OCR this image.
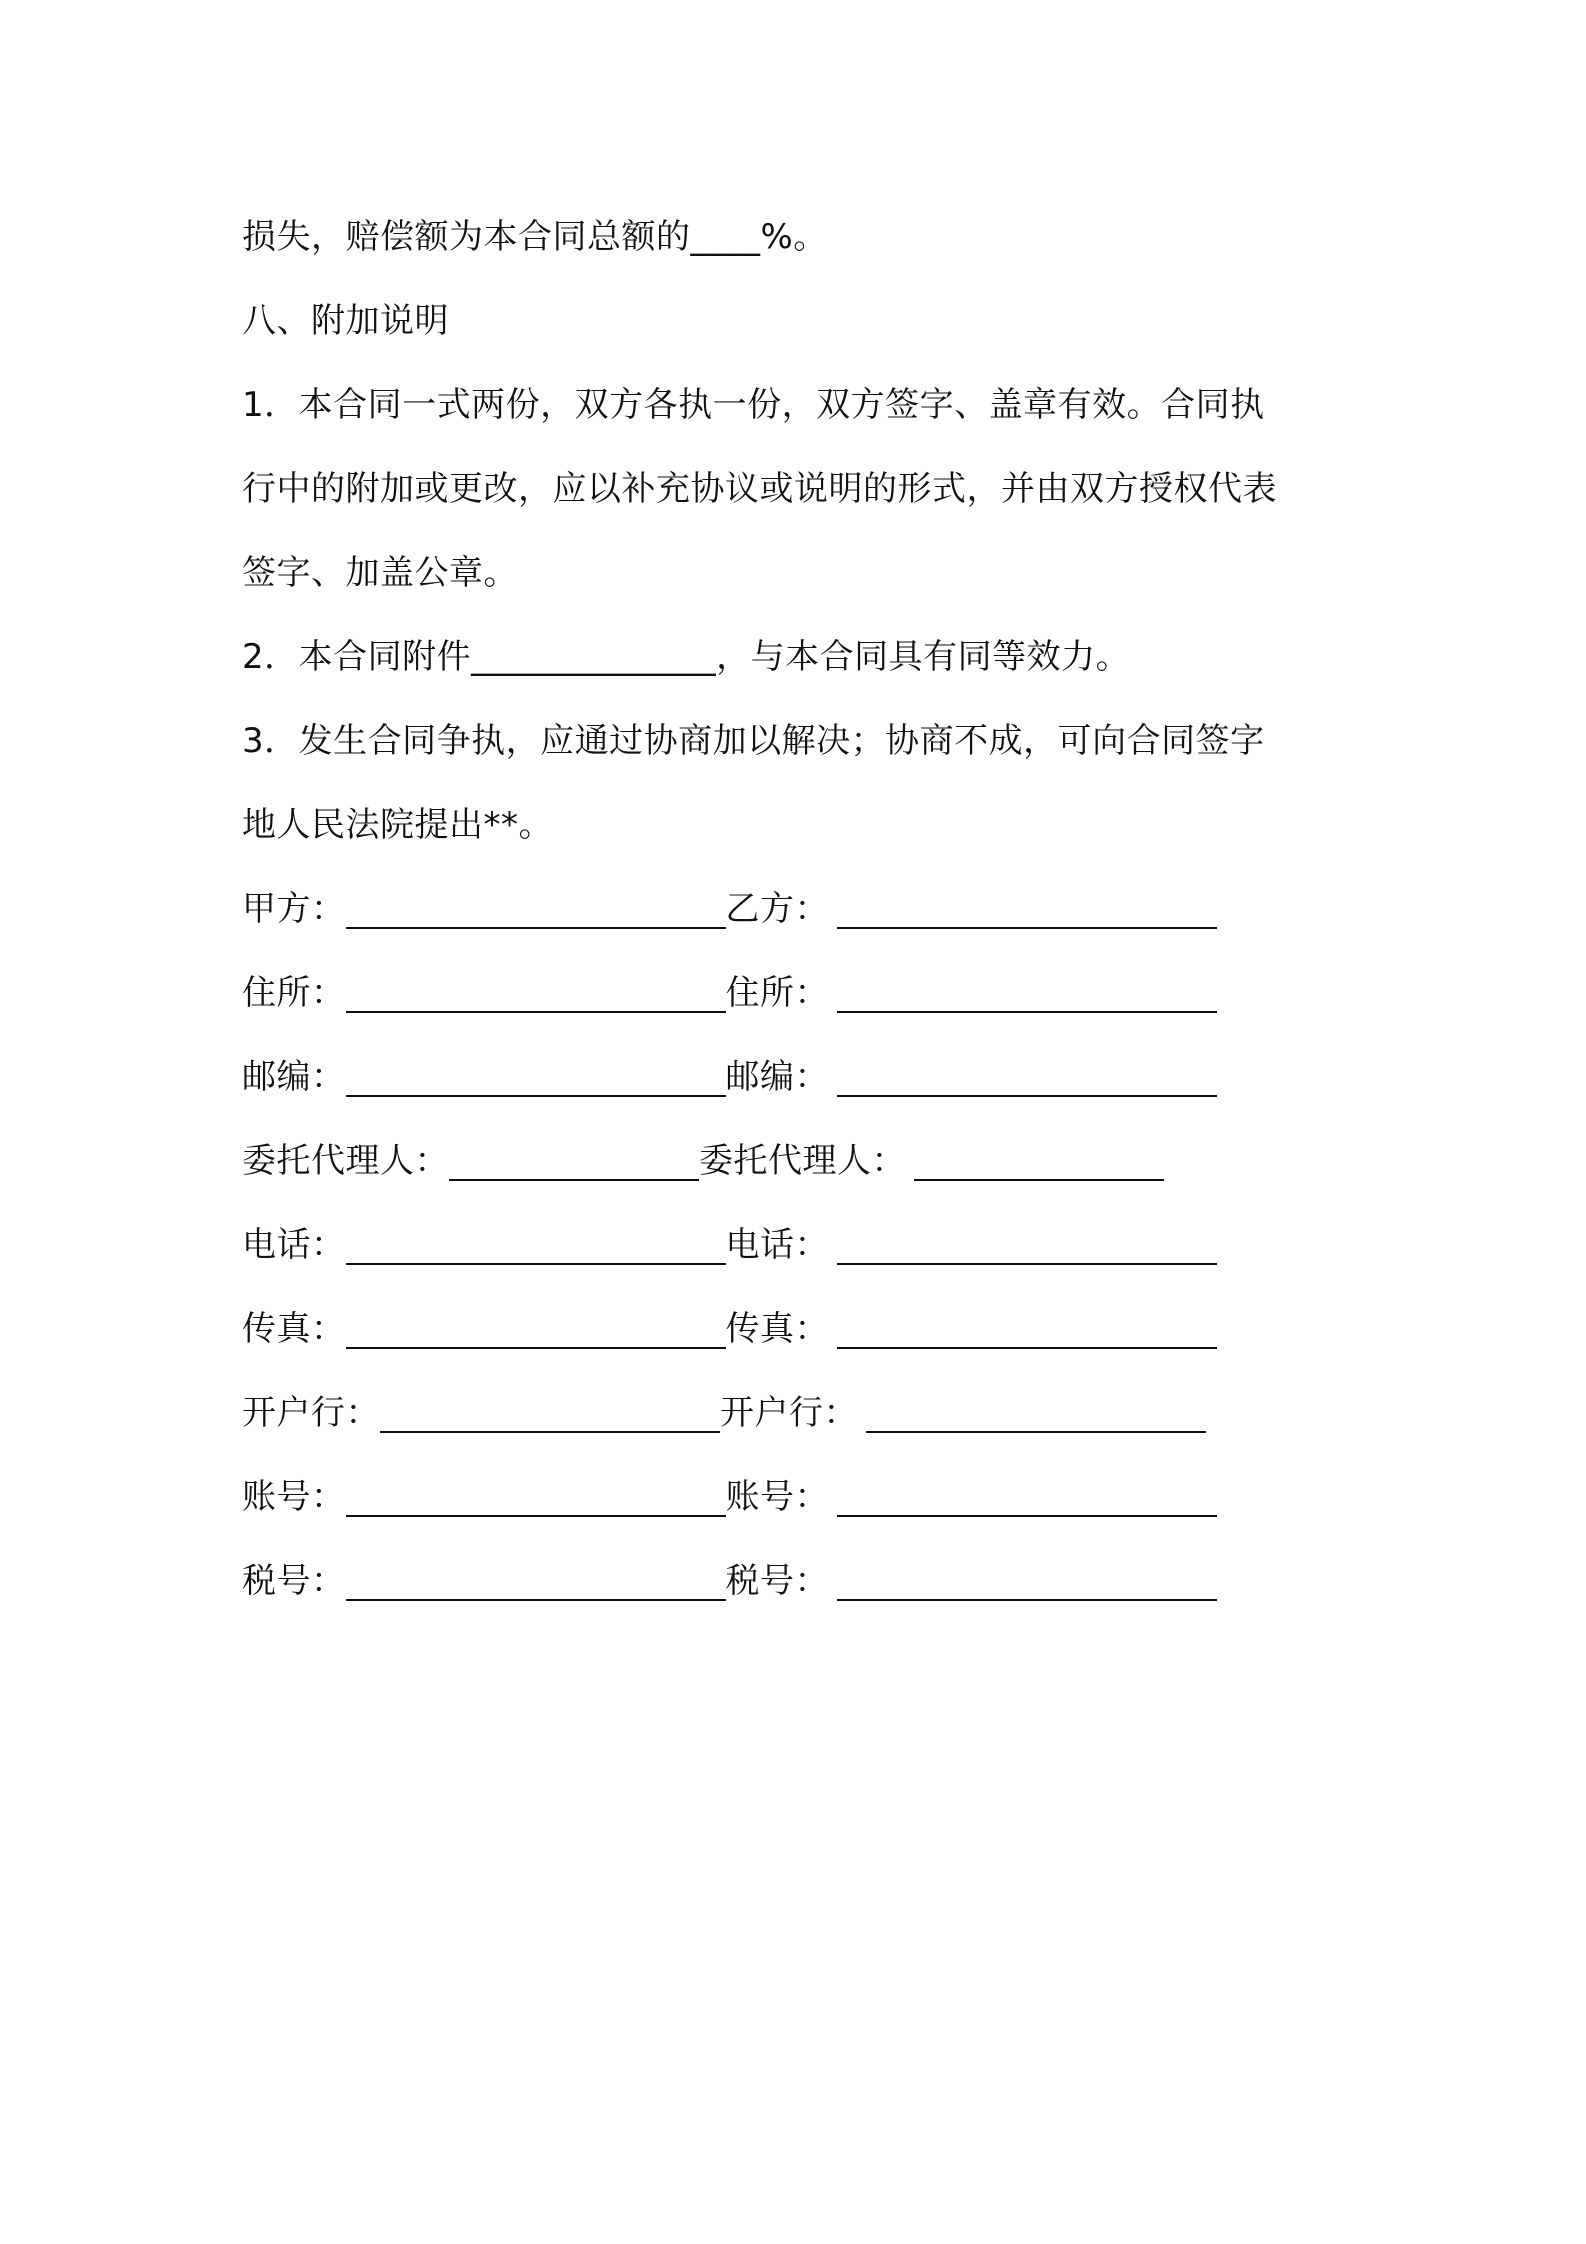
损失，赔偿额为本合同总额的____%。
八、附加说明
1．本合同一式两份，双方各执一份，双方签字、盖章有效。合同执
行中的附加或更改，应以补充协议或说明的形式，并由双方授权代表
签字、加盖公章。
2．本合同附件______________，与本合同具有同等效力。
3．发生合同争执，应通过协商加以解决；协商不成，可向合同签字
地人民法院提出**。
甲方：	乙方：
住所：	住所：
邮编：	邮编：
委托代理人：	委托代理人：
电话：	电话：
传真：	传真：
开户行：	开户行：
账号：	账号：
税号：	税号：
